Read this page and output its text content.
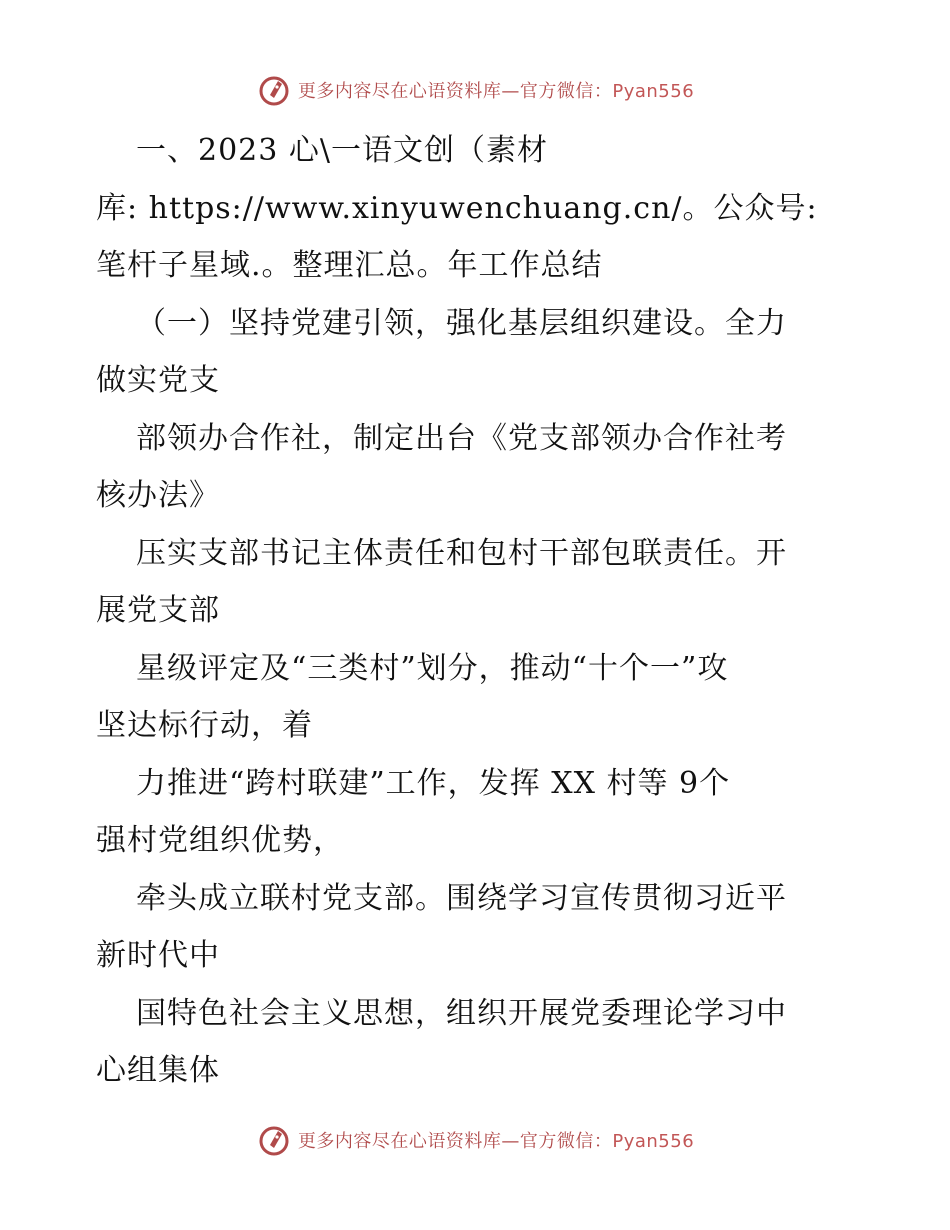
更多内容尽在心语资料库—官方微信：Pyan556
一、2023 心\一语文创（素材
库: https://www.xinyuwenchuang.cn/。公众号:
笔杆子星域.。整理汇总。年工作总结
（一）坚持党建引领，强化基层组织建设。全力
做实党支
部领办合作社，制定出台《党支部领办合作社考
核办法》
压实支部书记主体责任和包村干部包联责任。开
展党支部
星级评定及“三类村”划分，推动“十个一”攻
坚达标行动，着
力推进“跨村联建”工作，发挥 XX 村等 9个
强村党组织优势，
牵头成立联村党支部。围绕学习宣传贯彻习近平
新时代中
国特色社会主义思想，组织开展党委理论学习中
心组集体
更多内容尽在心语资料库—官方微信：Pyan556
